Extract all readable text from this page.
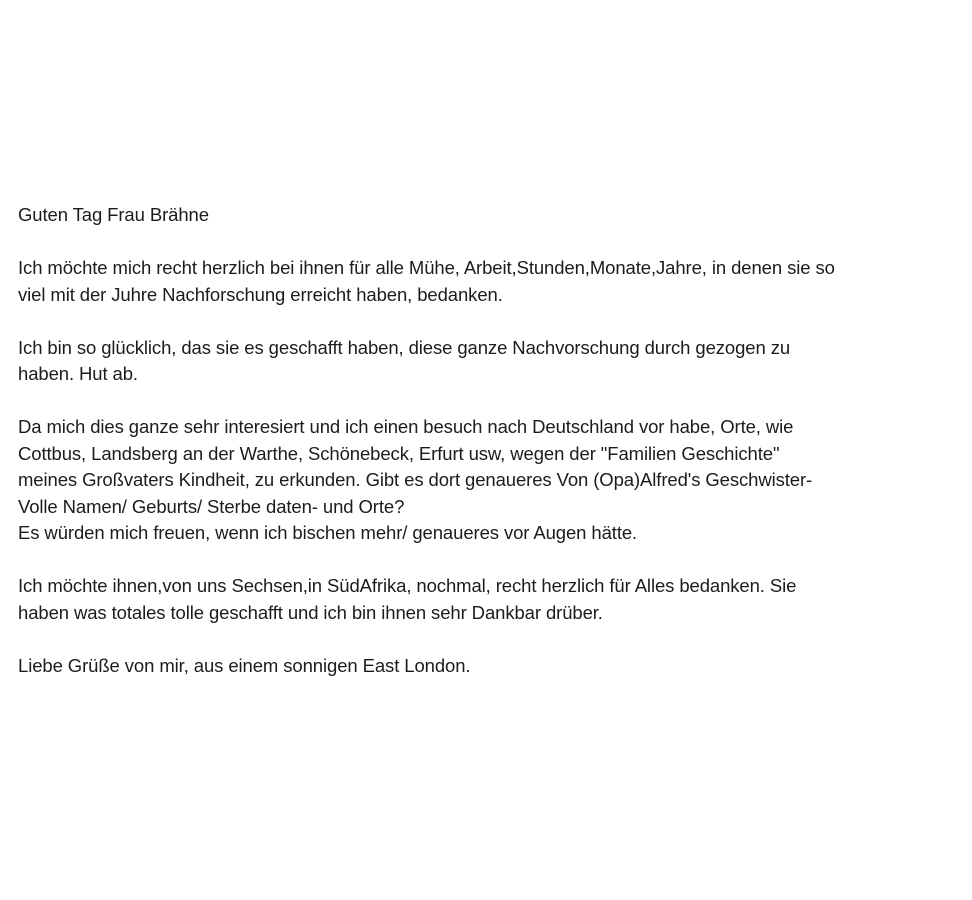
Guten Tag Frau Brähne

Ich möchte mich recht herzlich bei ihnen für alle Mühe, Arbeit,Stunden,Monate,Jahre, in denen sie so
viel mit der Juhre Nachforschung erreicht haben, bedanken.

Ich bin so glücklich, das sie es geschafft haben, diese ganze Nachvorschung durch gezogen zu
haben. Hut ab.

Da mich dies ganze sehr interesiert und ich einen besuch nach Deutschland vor habe, Orte, wie
Cottbus, Landsberg an der Warthe, Schönebeck, Erfurt usw, wegen der "Familien Geschichte"
meines Großvaters Kindheit, zu erkunden. Gibt es dort genaueres Von (Opa)Alfred's Geschwister-
Volle Namen/ Geburts/ Sterbe daten- und Orte?
Es würden mich freuen, wenn ich bischen mehr/ genaueres vor Augen hätte.

Ich möchte ihnen,von uns Sechsen,in SüdAfrika, nochmal, recht herzlich für Alles bedanken. Sie
haben was totales tolle geschafft und ich bin ihnen sehr Dankbar drüber.

Liebe Grüße von mir, aus einem sonnigen East London.
